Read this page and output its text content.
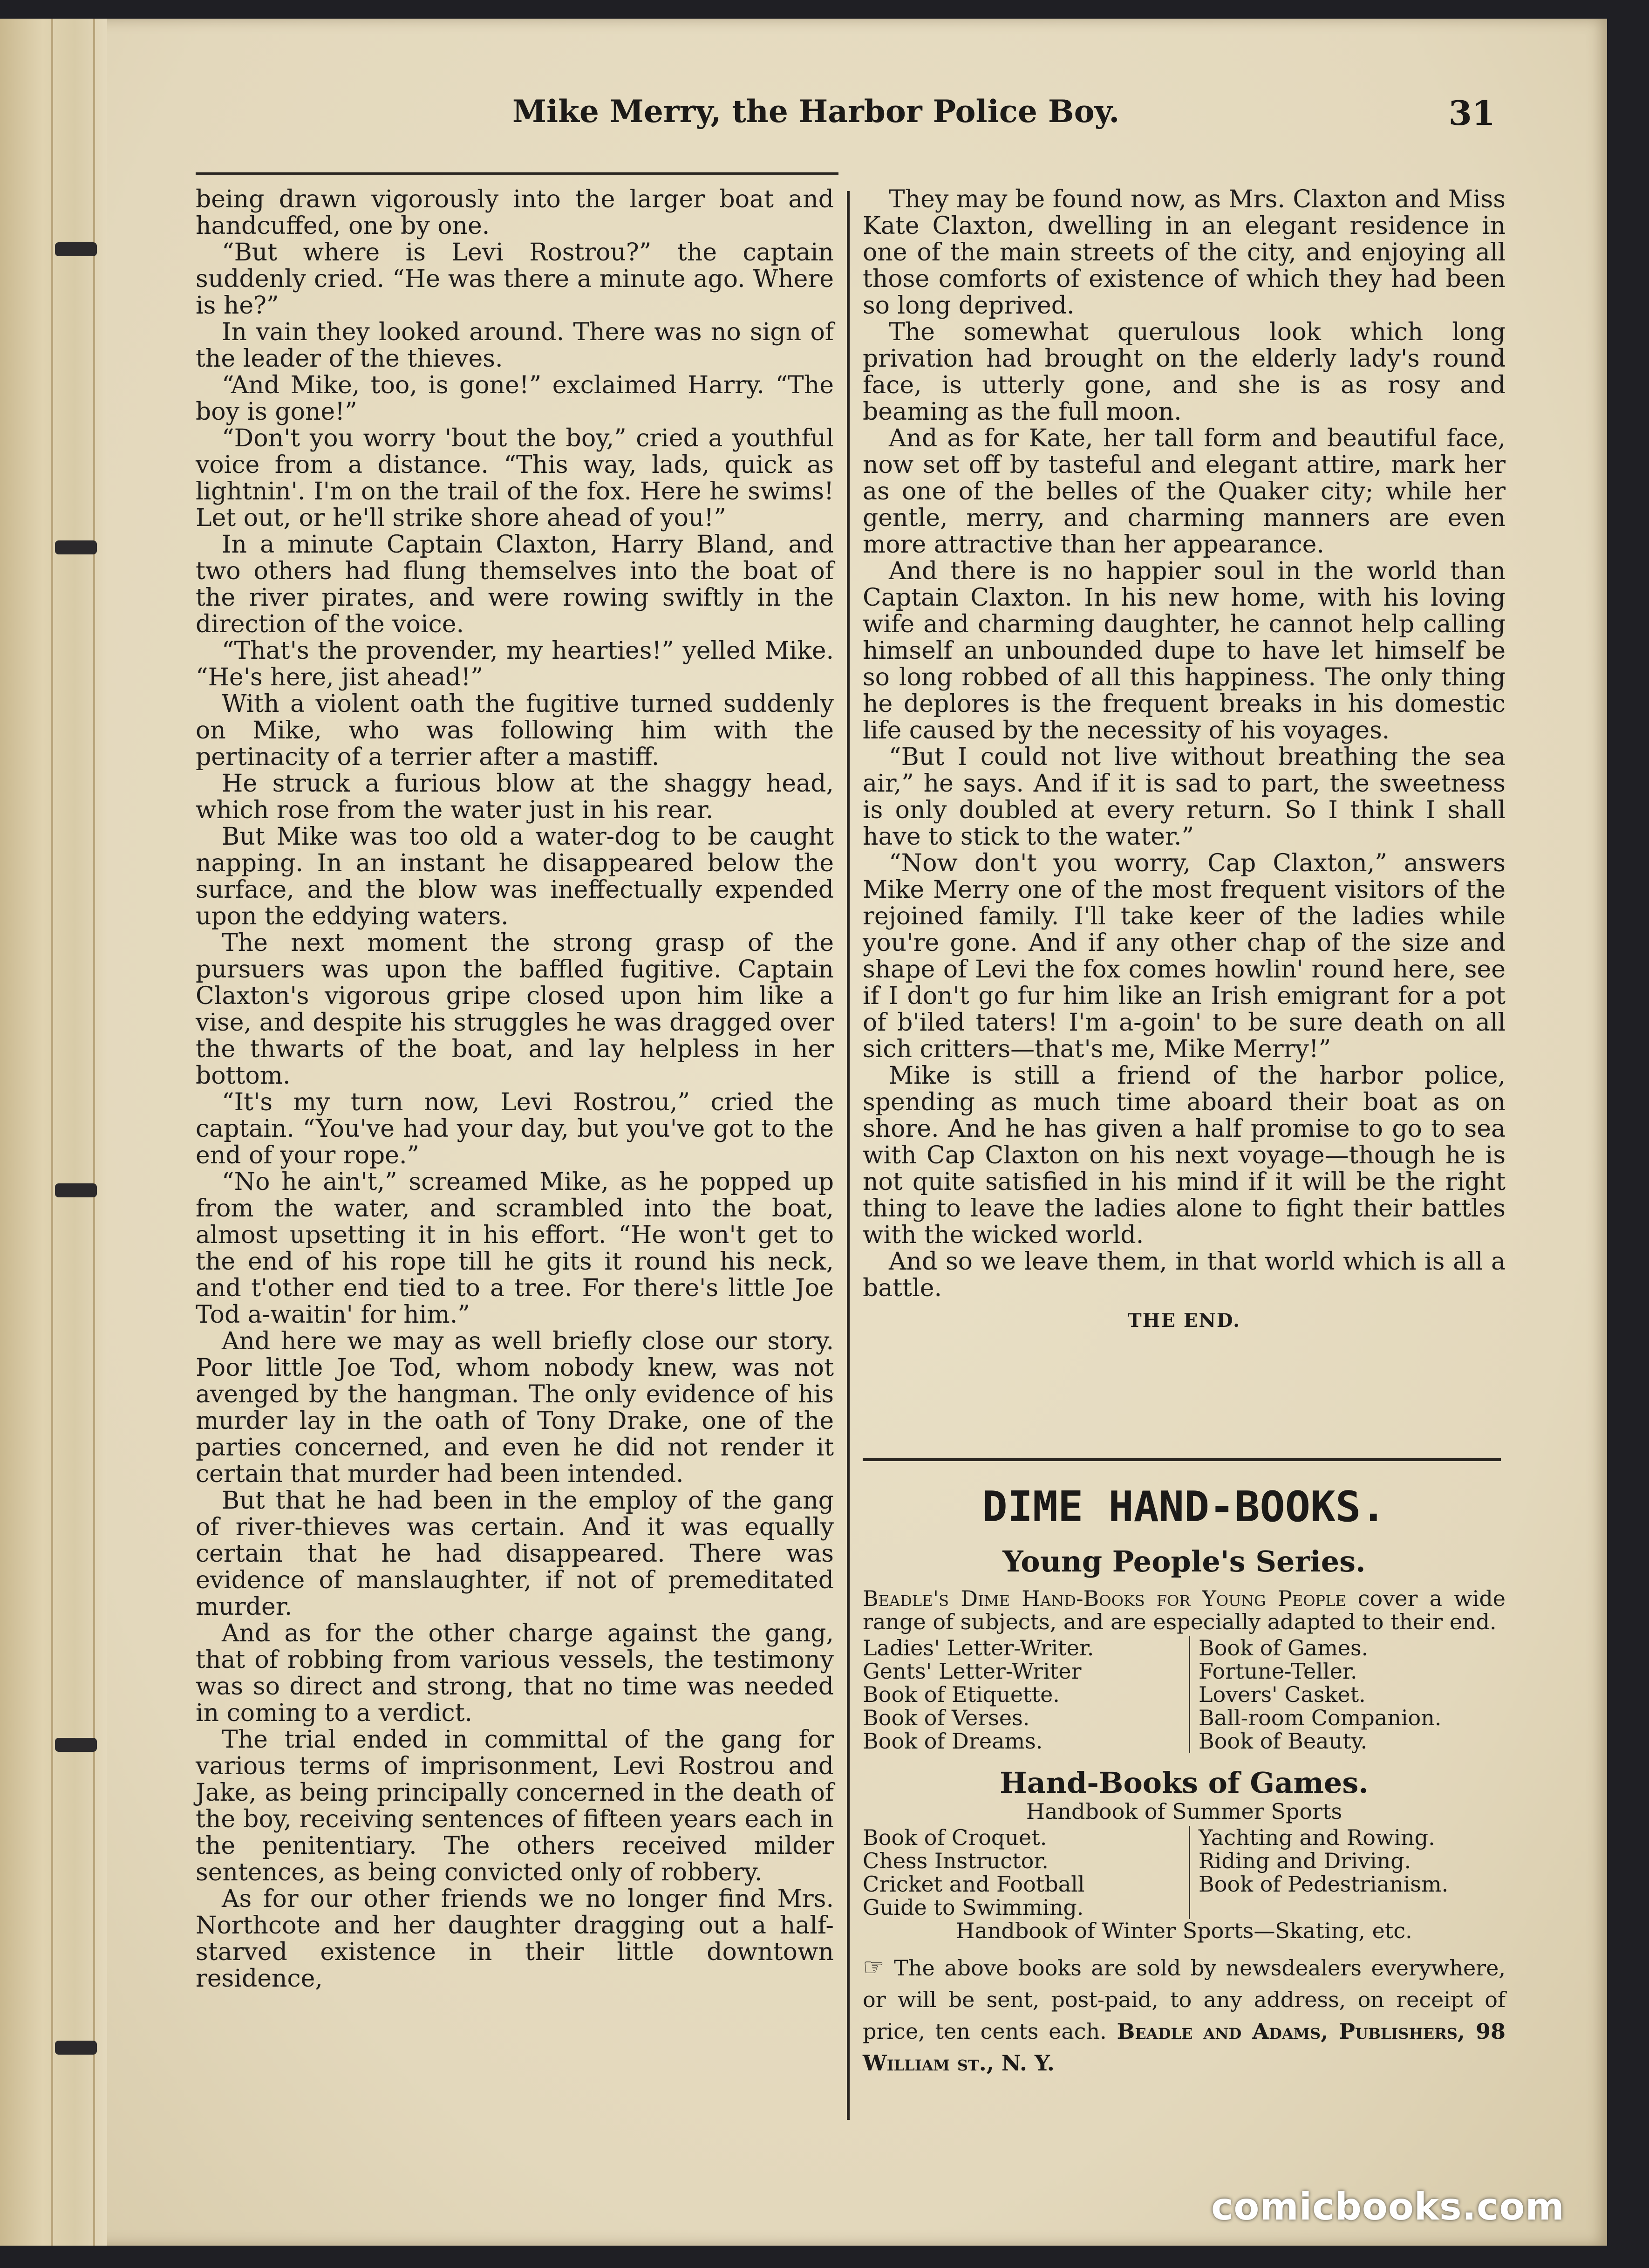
Mike Merry, the Harbor Police Boy.	31

being drawn vigorously into the larger boat and handcuffed, one by one.

“But where is Levi Rostrou?” the captain suddenly cried. “He was there a minute ago. Where is he?”

In vain they looked around. There was no sign of the leader of the thieves.

“And Mike, too, is gone!” exclaimed Harry. “The boy is gone!”

“Don't you worry 'bout the boy,” cried a youthful voice from a distance. “This way, lads, quick as lightnin'. I'm on the trail of the fox. Here he swims! Let out, or he'll strike shore ahead of you!”

In a minute Captain Claxton, Harry Bland, and two others had flung themselves into the boat of the river pirates, and were rowing swiftly in the direction of the voice.

“That's the provender, my hearties!” yelled Mike. “He's here, jist ahead!”

With a violent oath the fugitive turned suddenly on Mike, who was following him with the pertinacity of a terrier after a mastiff.

He struck a furious blow at the shaggy head, which rose from the water just in his rear.

But Mike was too old a water-dog to be caught napping. In an instant he disappeared below the surface, and the blow was ineffectually expended upon the eddying waters.

The next moment the strong grasp of the pursuers was upon the baffled fugitive. Captain Claxton's vigorous gripe closed upon him like a vise, and despite his struggles he was dragged over the thwarts of the boat, and lay helpless in her bottom.

“It's my turn now, Levi Rostrou,” cried the captain. “You've had your day, but you've got to the end of your rope.”

“No he ain't,” screamed Mike, as he popped up from the water, and scrambled into the boat, almost upsetting it in his effort. “He won't get to the end of his rope till he gits it round his neck, and t'other end tied to a tree. For there's little Joe Tod a-waitin' for him.”

And here we may as well briefly close our story. Poor little Joe Tod, whom nobody knew, was not avenged by the hangman. The only evidence of his murder lay in the oath of Tony Drake, one of the parties concerned, and even he did not render it certain that murder had been intended.

But that he had been in the employ of the gang of river-thieves was certain. And it was equally certain that he had disappeared. There was evidence of manslaughter, if not of premeditated murder.

And as for the other charge against the gang, that of robbing from various vessels, the testimony was so direct and strong, that no time was needed in coming to a verdict.

The trial ended in committal of the gang for various terms of imprisonment, Levi Rostrou and Jake, as being principally concerned in the death of the boy, receiving sentences of fifteen years each in the penitentiary. The others received milder sentences, as being convicted only of robbery.

As for our other friends we no longer find Mrs. Northcote and her daughter dragging out a half-starved existence in their little downtown residence,

They may be found now, as Mrs. Claxton and Miss Kate Claxton, dwelling in an elegant residence in one of the main streets of the city, and enjoying all those comforts of existence of which they had been so long deprived.

The somewhat querulous look which long privation had brought on the elderly lady's round face, is utterly gone, and she is as rosy and beaming as the full moon.

And as for Kate, her tall form and beautiful face, now set off by tasteful and elegant attire, mark her as one of the belles of the Quaker city; while her gentle, merry, and charming manners are even more attractive than her appearance.

And there is no happier soul in the world than Captain Claxton. In his new home, with his loving wife and charming daughter, he cannot help calling himself an unbounded dupe to have let himself be so long robbed of all this happiness. The only thing he deplores is the frequent breaks in his domestic life caused by the necessity of his voyages.

“But I could not live without breathing the sea air,” he says. And if it is sad to part, the sweetness is only doubled at every return. So I think I shall have to stick to the water.”

“Now don't you worry, Cap Claxton,” answers Mike Merry one of the most frequent visitors of the rejoined family. I'll take keer of the ladies while you're gone. And if any other chap of the size and shape of Levi the fox comes howlin' round here, see if I don't go fur him like an Irish emigrant for a pot of b'iled taters! I'm a-goin' to be sure death on all sich critters—that's me, Mike Merry!”

Mike is still a friend of the harbor police, spending as much time aboard their boat as on shore. And he has given a half promise to go to sea with Cap Claxton on his next voyage—though he is not quite satisfied in his mind if it will be the right thing to leave the ladies alone to fight their battles with the wicked world.

And so we leave them, in that world which is all a battle.

THE END.
DIME HAND-BOOKS.
Young People's Series.
Beadle's Dime Hand-Books for Young People cover a wide range of subjects, and are especially adapted to their end.
Ladies' Letter-Writer.
Gents' Letter-Writer
Book of Etiquette.
Book of Verses.
Book of Dreams.
Book of Games.
Fortune-Teller.
Lovers' Casket.
Ball-room Companion.
Book of Beauty.
Hand-Books of Games.
Handbook of Summer Sports
Book of Croquet.
Chess Instructor.
Cricket and Football
Guide to Swimming.
Yachting and Rowing.
Riding and Driving.
Book of Pedestrianism.
Handbook of Winter Sports—Skating, etc.
☞ The above books are sold by newsdealers everywhere, or will be sent, post-paid, to any address, on receipt of price, ten cents each. Beadle and Adams, Publishers, 98 William st., N. Y.
comicbooks.com
